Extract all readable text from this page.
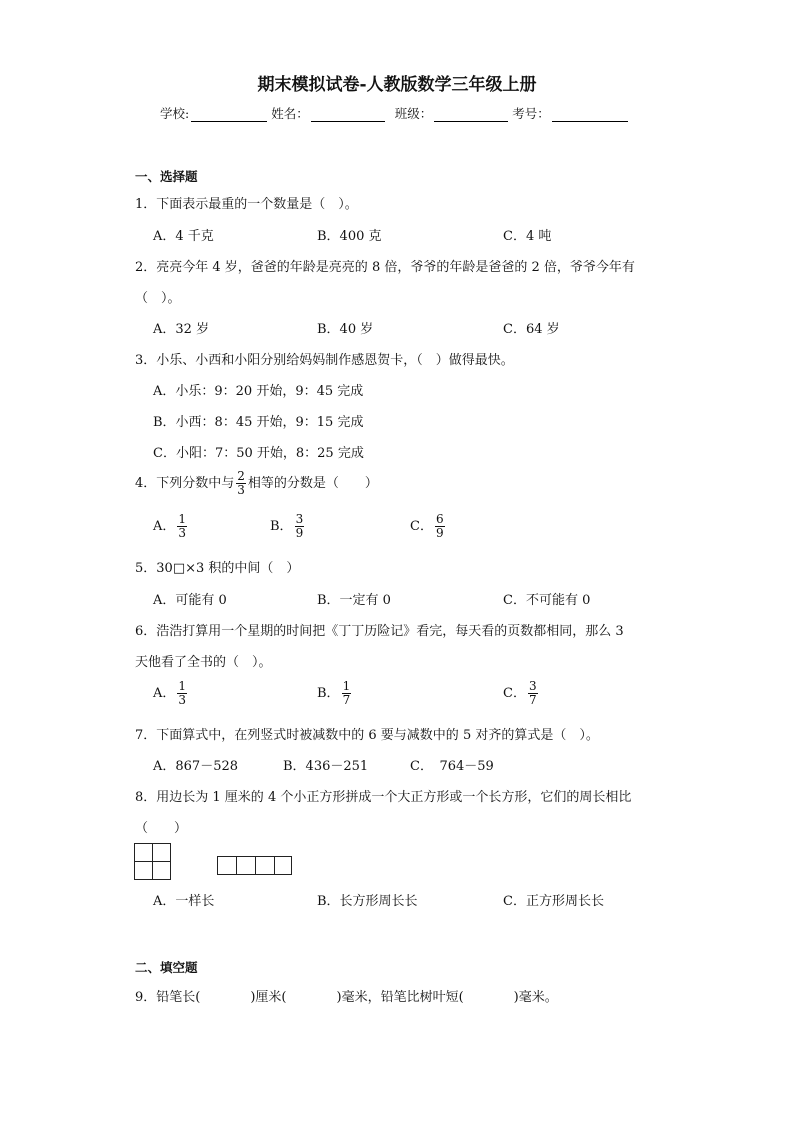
期末模拟试卷-人教版数学三年级上册
学校:	姓名：	班级：	考号：
一、选择题
1．下面表示最重的一个数量是（　）。
A．4 千克	B．400 克	C．4 吨
2．亮亮今年 4 岁，爸爸的年龄是亮亮的 8 倍，爷爷的年龄是爸爸的 2 倍，爷爷今年有
（　）。
A．32 岁	B．40 岁	C．64 岁
3．小乐、小西和小阳分别给妈妈制作感恩贺卡，（　）做得最快。
A．小乐：9：20 开始，9：45 完成
B．小西：8：45 开始，9：15 完成
C．小阳：7：50 开始，8：25 完成
4．下列分数中与 $\frac{2}{3}$ 相等的分数是（　　）
A． $\frac{1}{3}$	B． $\frac{3}{9}$	C． $\frac{6}{9}$
5．30□×3 积的中间（　）
A．可能有 0	B．一定有 0	C．不可能有 0
6．浩浩打算用一个星期的时间把《丁丁历险记》看完，每天看的页数都相同，那么 3
天他看了全书的（　）。
A． $\frac{1}{3}$	B． $\frac{1}{7}$	C． $\frac{3}{7}$
7．下面算式中，在列竖式时被减数中的 6 要与减数中的 5 对齐的算式是（　）。
A．867－528	B．436－251	C．　764－59
8．用边长为 1 厘米的 4 个小正方形拼成一个大正方形或一个长方形，它们的周长相比
（　　）
A．一样长	B．长方形周长长	C．正方形周长长
二、填空题
9．铅笔长(	)厘米(	)毫米，铅笔比树叶短(	)毫米。
